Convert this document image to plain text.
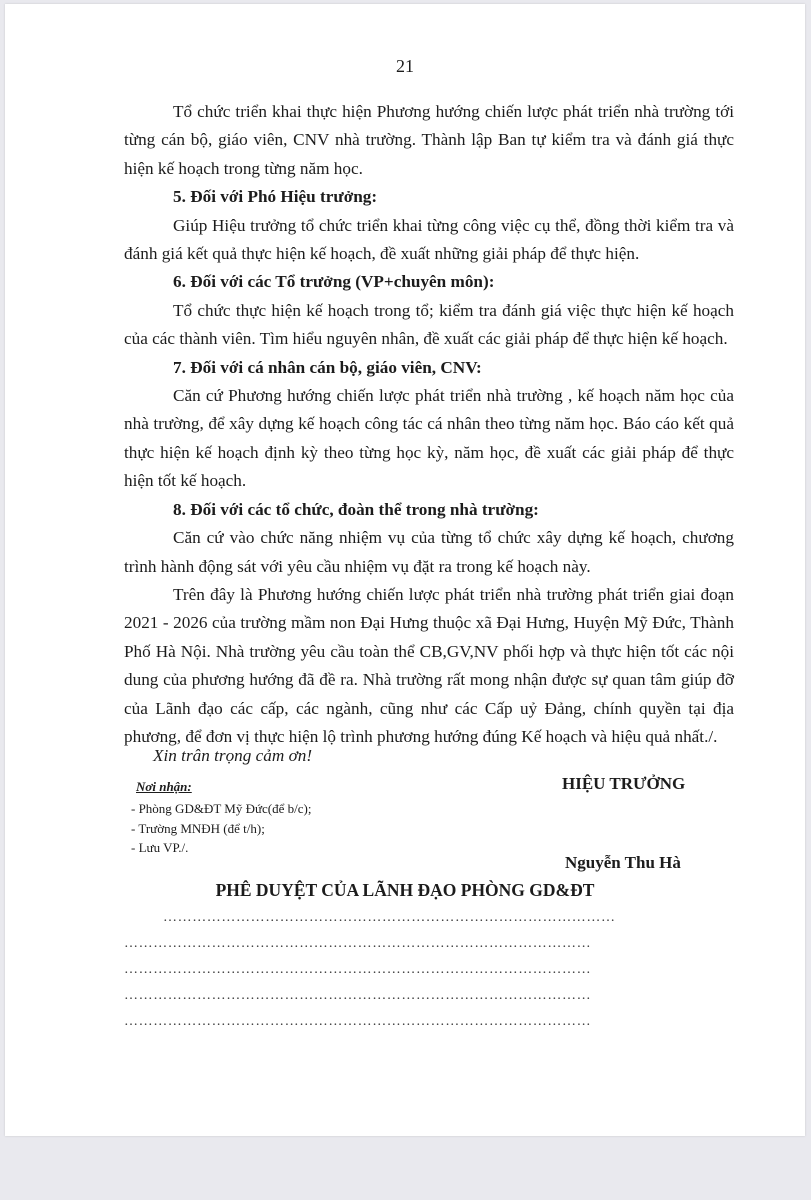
21

Tổ chức triển khai thực hiện Phương hướng chiến lược phát triển nhà trường tới từng cán bộ, giáo viên, CNV nhà trường. Thành lập Ban tự kiểm tra và đánh giá thực hiện kế hoạch trong từng năm học.

5. Đối với Phó Hiệu trưởng:

Giúp Hiệu trưởng tổ chức triển khai từng công việc cụ thể, đồng thời kiểm tra và đánh giá kết quả thực hiện kế hoạch, đề xuất những giải pháp để thực hiện.

6. Đối với các Tổ trưởng (VP+chuyên môn):

Tổ chức thực hiện kế hoạch trong tổ; kiểm tra đánh giá việc thực hiện kế hoạch của các thành viên. Tìm hiểu nguyên nhân, đề xuất các giải pháp để thực hiện kế hoạch.

7. Đối với cá nhân cán bộ, giáo viên, CNV:

Căn cứ Phương hướng chiến lược phát triển nhà trường , kế hoạch năm học của nhà trường, để xây dựng kế hoạch công tác cá nhân theo từng năm học. Báo cáo kết quả thực hiện kế hoạch định kỳ theo từng học kỳ, năm học, đề xuất các giải pháp để thực hiện tốt kế hoạch.

8. Đối với các tổ chức, đoàn thể trong nhà trường:

Căn cứ vào chức năng nhiệm vụ của từng tổ chức xây dựng kế hoạch, chương trình hành động sát với yêu cầu nhiệm vụ đặt ra trong kế hoạch này.

Trên đây là Phương hướng chiến lược phát triển nhà trường phát triển giai đoạn 2021 - 2026 của trường mầm non Đại Hưng thuộc xã Đại Hưng, Huyện Mỹ Đức, Thành Phố Hà Nội. Nhà trường yêu cầu toàn thể CB,GV,NV phối hợp và thực hiện tốt các nội dung của phương hướng đã đề ra. Nhà trường rất mong nhận được sự quan tâm giúp đỡ của Lãnh đạo các cấp, các ngành, cũng như các Cấp uỷ Đảng, chính quyền tại địa phương, để đơn vị thực hiện lộ trình phương hướng đúng Kế hoạch và hiệu quả nhất./.

Xin trân trọng cảm ơn!
Nơi nhận:
- Phòng GD&ĐT Mỹ Đức(để b/c);
- Trường MNĐH (để t/h);
- Lưu VP./.
HIỆU TRƯỞNG
Nguyễn Thu Hà
PHÊ DUYỆT CỦA LÃNH ĐẠO PHÒNG GD&ĐT
…………………………………………………………………………………
……………………………………………………………………………………
……………………………………………………………………………………
……………………………………………………………………………………
……………………………………………………………………………………
